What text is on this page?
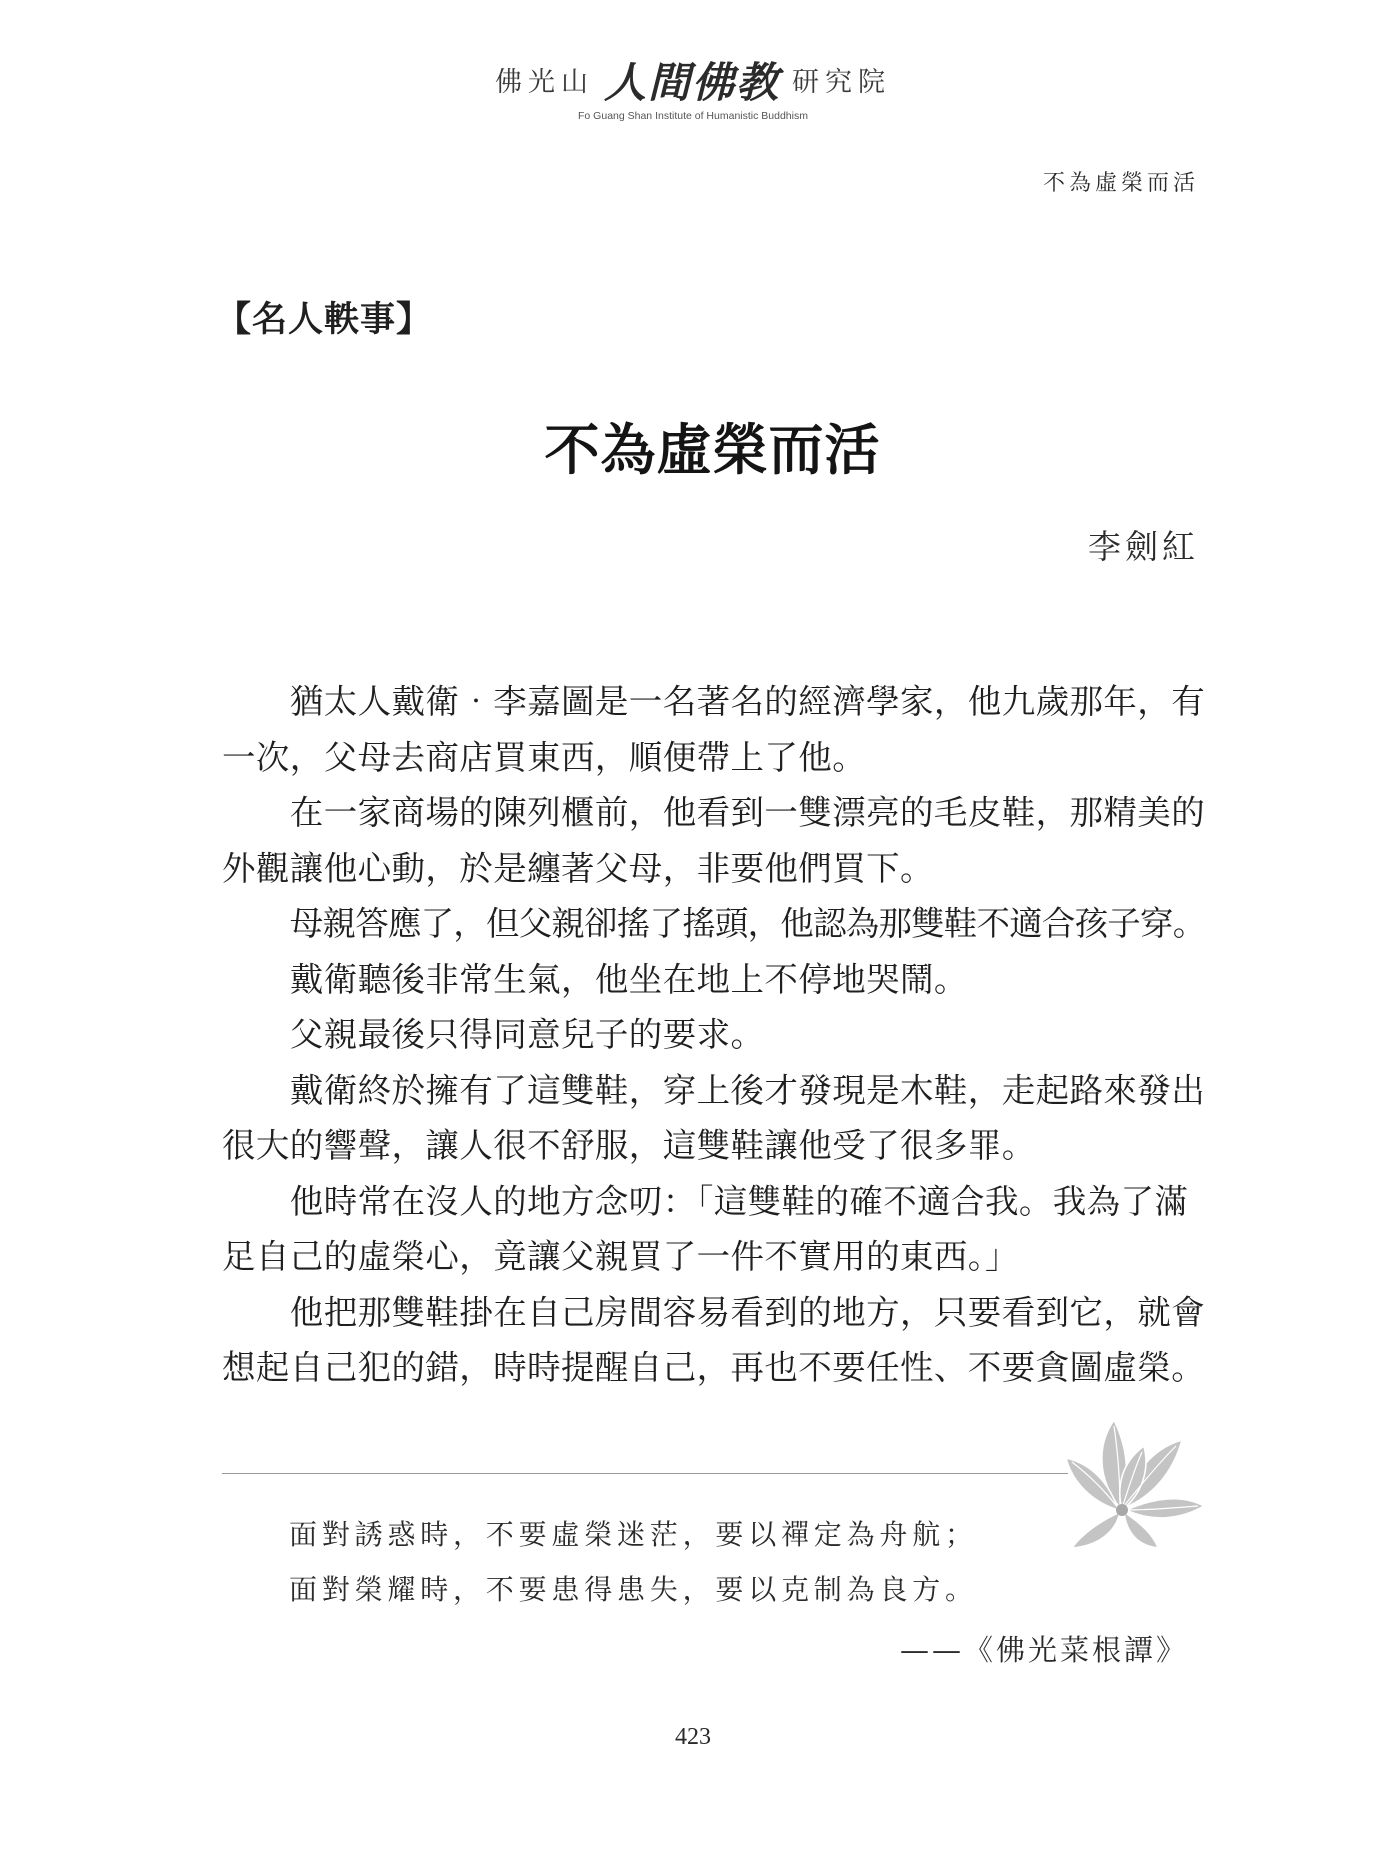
佛光山 人間佛教 研究院
Fo Guang Shan Institute of Humanistic Buddhism
不為虛榮而活
【名人軼事】
不為虛榮而活
李劍紅
猶太人戴衛‧李嘉圖是一名著名的經濟學家，他九歲那年，有
一次，父母去商店買東西，順便帶上了他。
在一家商場的陳列櫃前，他看到一雙漂亮的毛皮鞋，那精美的
外觀讓他心動，於是纏著父母，非要他們買下。
母親答應了，但父親卻搖了搖頭，他認為那雙鞋不適合孩子穿。
戴衛聽後非常生氣，他坐在地上不停地哭鬧。
父親最後只得同意兒子的要求。
戴衛終於擁有了這雙鞋，穿上後才發現是木鞋，走起路來發出
很大的響聲，讓人很不舒服，這雙鞋讓他受了很多罪。
他時常在沒人的地方念叨：「這雙鞋的確不適合我。我為了滿
足自己的虛榮心，竟讓父親買了一件不實用的東西。」
他把那雙鞋掛在自己房間容易看到的地方，只要看到它，就會
想起自己犯的錯，時時提醒自己，再也不要任性、不要貪圖虛榮。
面對誘惑時，不要虛榮迷茫，要以禪定為舟航；
面對榮耀時，不要患得患失，要以克制為良方。
——《佛光菜根譚》
423
